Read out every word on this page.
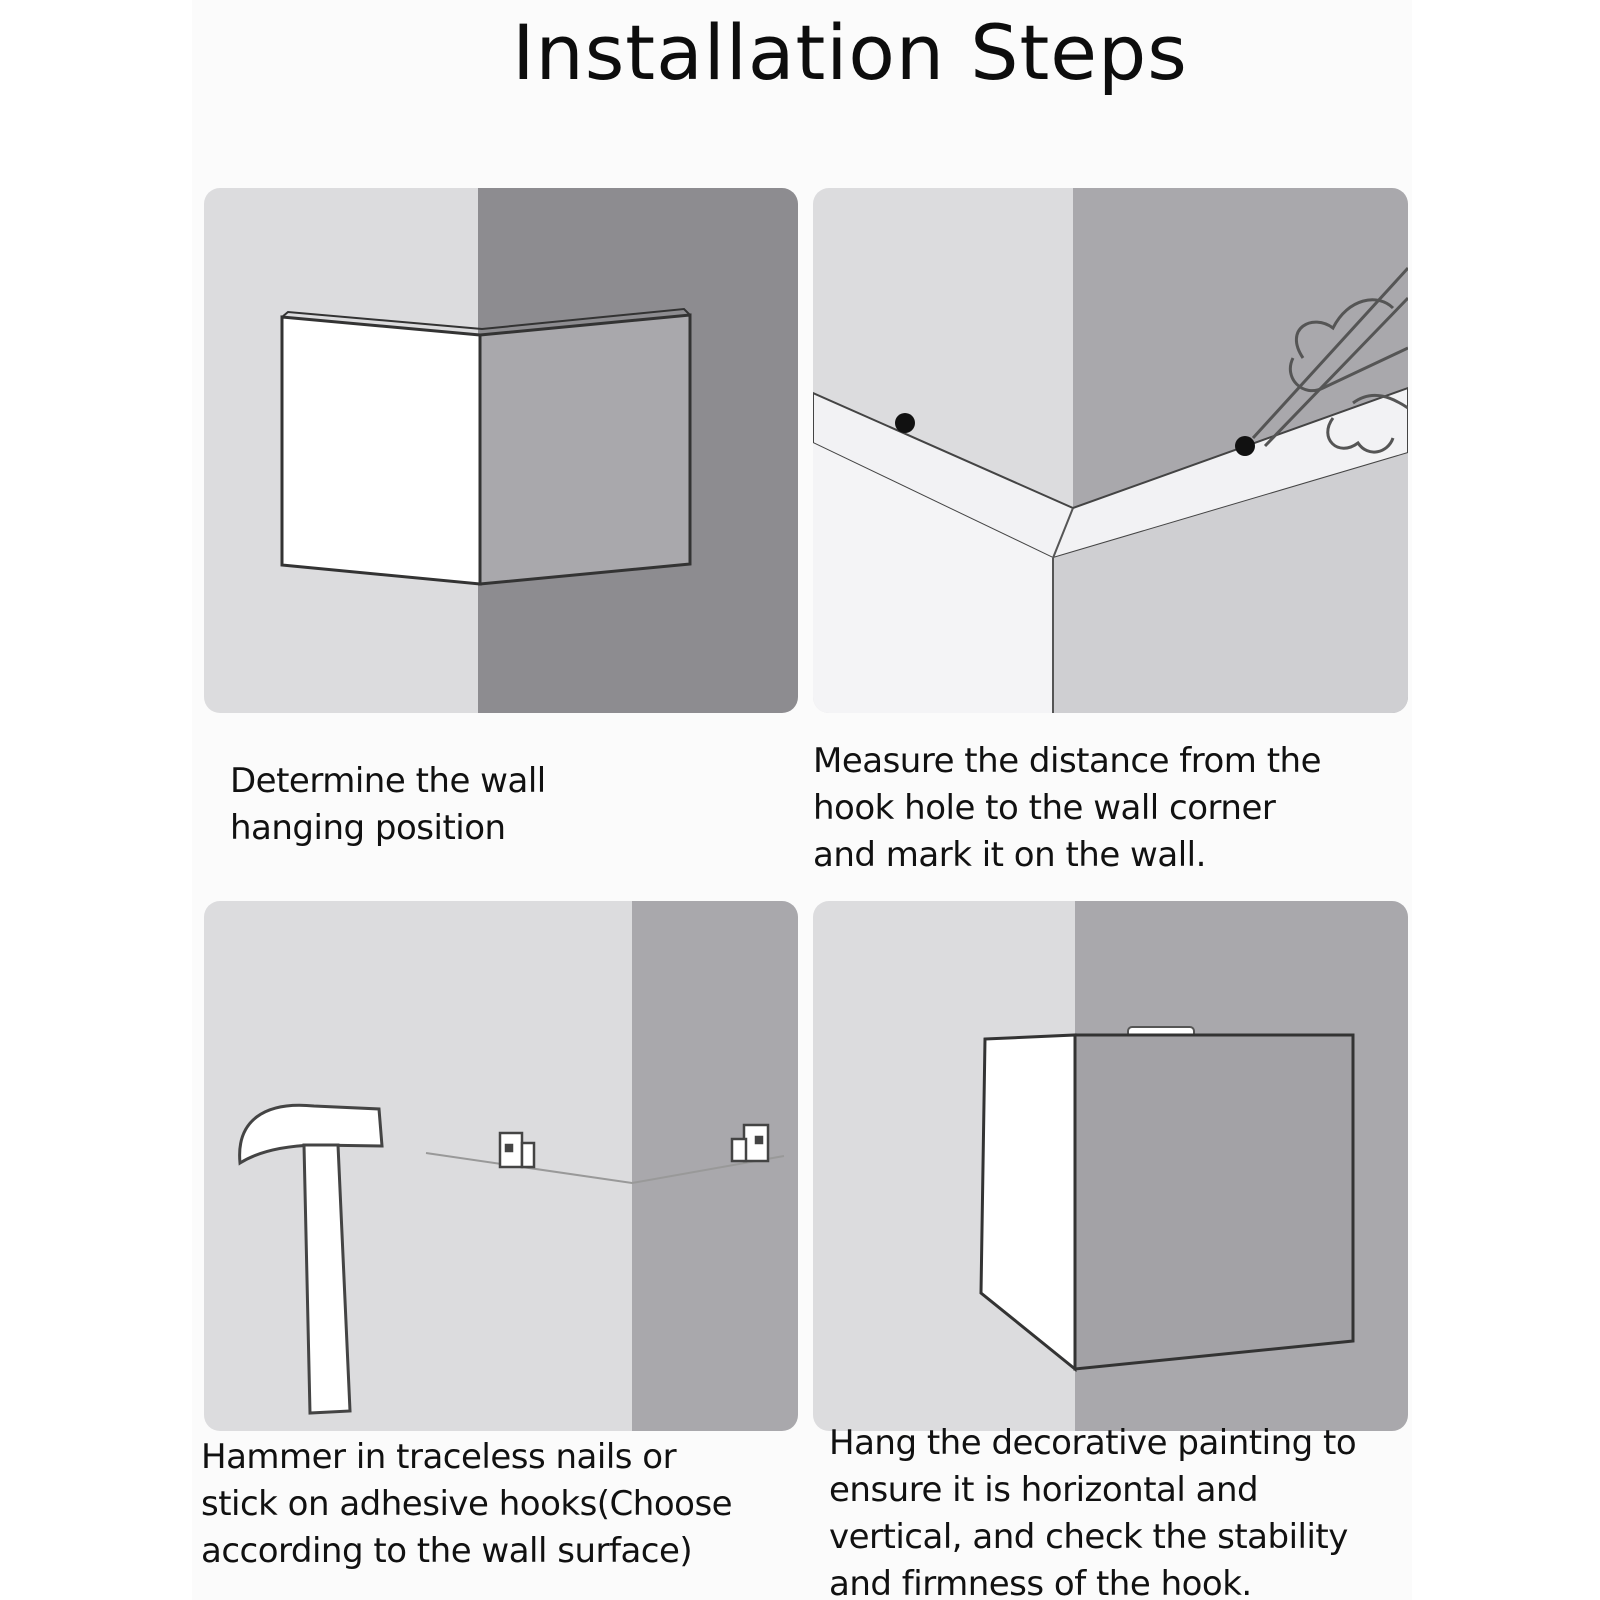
Installation Steps
Determine the wall
hanging position
Measure the distance from the
hook hole to the wall corner
and mark it on the wall.
Hammer in traceless nails or
stick on adhesive hooks(Choose
according to the wall surface)
Hang the decorative painting to
ensure it is horizontal and
vertical, and check the stability
and firmness of the hook.
